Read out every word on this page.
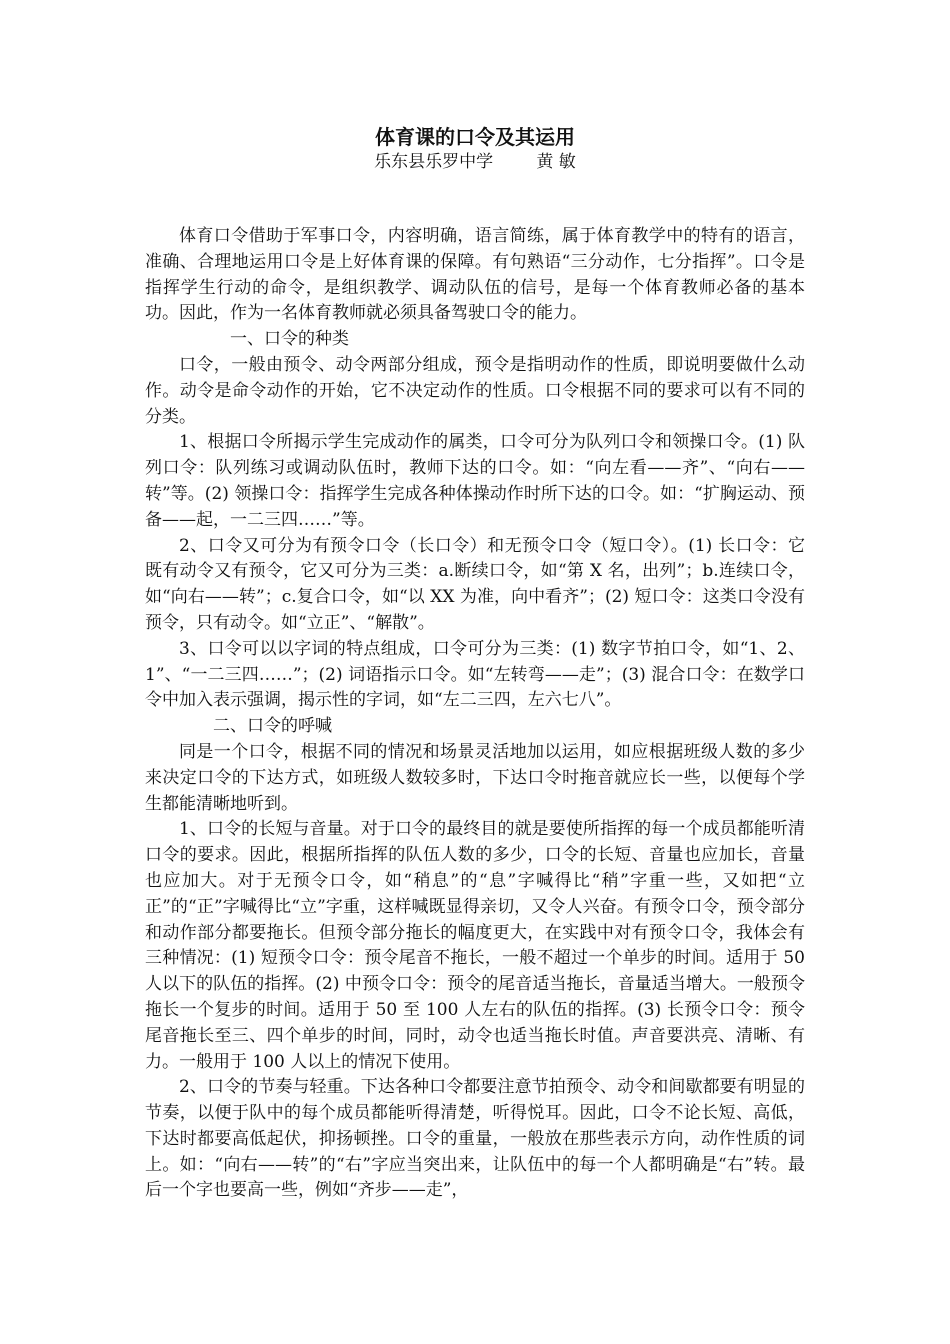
体育课的口令及其运用
乐东县乐罗中学        黄 敏

体育口令借助于军事口令，内容明确，语言简练，属于体育教学中的特有的语言，准确、合理地运用口令是上好体育课的保障。有句熟语“三分动作，七分指挥”。口令是指挥学生行动的命令，是组织教学、调动队伍的信号，是每一个体育教师必备的基本功。因此，作为一名体育教师就必须具备驾驶口令的能力。

一、口令的种类

口令，一般由预令、动令两部分组成，预令是指明动作的性质，即说明要做什么动作。动令是命令动作的开始，它不决定动作的性质。口令根据不同的要求可以有不同的分类。

1、根据口令所揭示学生完成动作的属类，口令可分为队列口令和领操口令。(1) 队列口令：队列练习或调动队伍时，教师下达的口令。如：“向左看——齐”、“向右——转”等。(2) 领操口令：指挥学生完成各种体操动作时所下达的口令。如：“扩胸运动、预备——起，一二三四……”等。

2、口令又可分为有预令口令（长口令）和无预令口令（短口令）。(1) 长口令：它既有动令又有预令，它又可分为三类：a.断续口令，如“第 X 名，出列”；b.连续口令，如“向右——转”；c.复合口令，如“以 XX 为准，向中看齐”；(2) 短口令：这类口令没有预令，只有动令。如“立正”、“解散”。

3、口令可以以字词的特点组成，口令可分为三类：(1) 数字节拍口令，如“1、2、1”、“一二三四……”；(2) 词语指示口令。如“左转弯——走”；(3) 混合口令：在数学口令中加入表示强调，揭示性的字词，如“左二三四，左六七八”。

二、口令的呼喊

同是一个口令，根据不同的情况和场景灵活地加以运用，如应根据班级人数的多少来决定口令的下达方式，如班级人数较多时，下达口令时拖音就应长一些，以便每个学生都能清晰地听到。

1、口令的长短与音量。对于口令的最终目的就是要使所指挥的每一个成员都能听清口令的要求。因此，根据所指挥的队伍人数的多少，口令的长短、音量也应加长，音量也应加大。对于无预令口令，如“稍息”的“息”字喊得比“稍”字重一些，又如把“立正”的“正”字喊得比“立”字重，这样喊既显得亲切，又令人兴奋。有预令口令，预令部分和动作部分都要拖长。但预令部分拖长的幅度更大，在实践中对有预令口令，我体会有三种情况：(1) 短预令口令：预令尾音不拖长，一般不超过一个单步的时间。适用于 50 人以下的队伍的指挥。(2) 中预令口令：预令的尾音适当拖长，音量适当增大。一般预令拖长一个复步的时间。适用于 50 至 100 人左右的队伍的指挥。(3) 长预令口令：预令尾音拖长至三、四个单步的时间，同时，动令也适当拖长时值。声音要洪亮、清晰、有力。一般用于 100 人以上的情况下使用。

2、口令的节奏与轻重。下达各种口令都要注意节拍预令、动令和间歇都要有明显的节奏，以便于队中的每个成员都能听得清楚，听得悦耳。因此，口令不论长短、高低，下达时都要高低起伏，抑扬顿挫。口令的重量，一般放在那些表示方向，动作性质的词上。如：“向右——转”的“右”字应当突出来，让队伍中的每一个人都明确是“右”转。最后一个字也要高一些，例如“齐步——走”，
